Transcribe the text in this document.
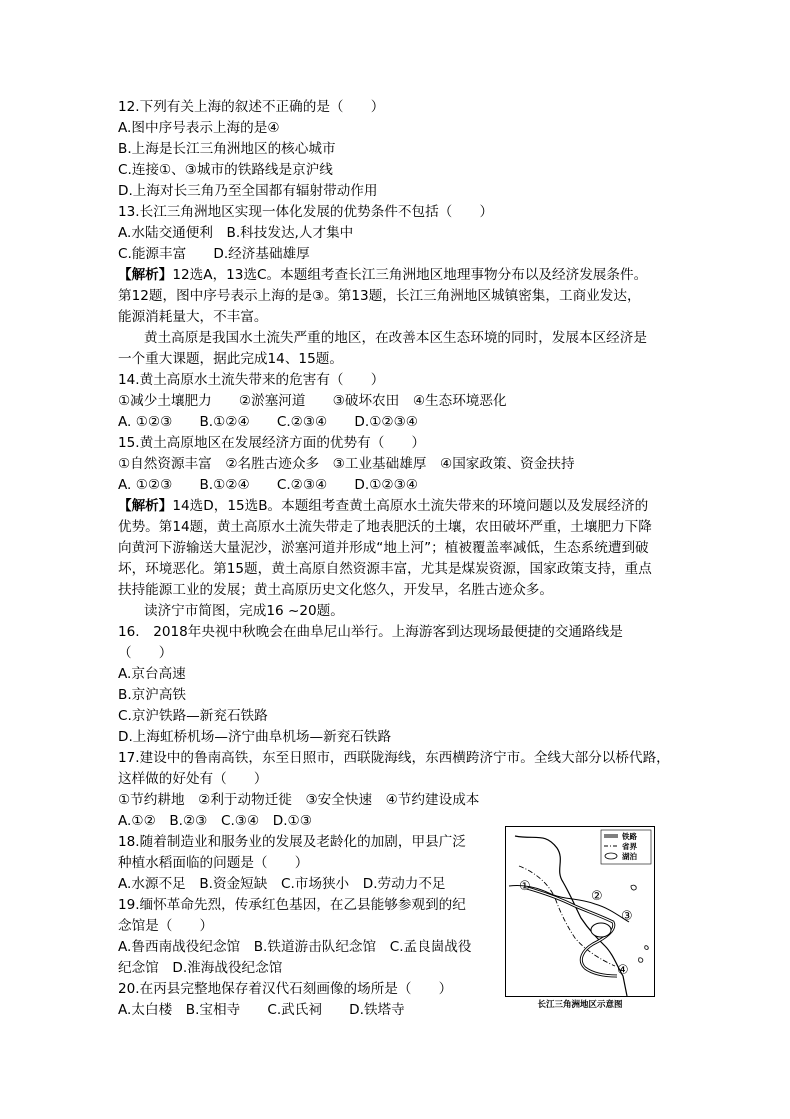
12.下列有关上海的叙述不正确的是（　　）
A.图中序号表示上海的是④
B.上海是长江三角洲地区的核心城市
C.连接①、③城市的铁路线是京沪线
D.上海对长三角乃至全国都有辐射带动作用
13.长江三角洲地区实现一体化发展的优势条件不包括（　　）
A.水陆交通便利　B.科技发达,人才集中
C.能源丰富　　D.经济基础雄厚
【解析】12选A，13选C。本题组考查长江三角洲地区地理事物分布以及经济发展条件。
第12题，图中序号表示上海的是③。第13题，长江三角洲地区城镇密集，工商业发达，
能源消耗量大，不丰富。
黄土高原是我国水土流失严重的地区，在改善本区生态环境的同时，发展本区经济是
一个重大课题，据此完成14、15题。
14.黄土高原水土流失带来的危害有（　　）
①减少土壤肥力　　②淤塞河道　　③破坏农田　④生态环境恶化
A. ①②③　　B.①②④　　C.②③④　　D.①②③④
15.黄土高原地区在发展经济方面的优势有（　　）
①自然资源丰富　②名胜古迹众多　③工业基础雄厚　④国家政策、资金扶持
A. ①②③　　B.①②④　　C.②③④　　D.①②③④
【解析】14选D，15选B。本题组考查黄土高原水土流失带来的环境问题以及发展经济的
优势。第14题，黄土高原水土流失带走了地表肥沃的土壤，农田破坏严重，土壤肥力下降
向黄河下游输送大量泥沙，淤塞河道并形成“地上河”；植被覆盖率减低，生态系统遭到破
坏，环境恶化。第15题，黄土高原自然资源丰富，尤其是煤炭资源，国家政策支持，重点
扶持能源工业的发展；黄土高原历史文化悠久，开发早，名胜古迹众多。
读济宁市简图，完成16 ~20题。
16.　2018年央视中秋晚会在曲阜尼山举行。上海游客到达现场最便捷的交通路线是
（　　）
A.京台高速
B.京沪高铁
C.京沪铁路—新兖石铁路
D.上海虹桥机场—济宁曲阜机场—新兖石铁路
17.建设中的鲁南高铁，东至日照市，西联陇海线，东西横跨济宁市。全线大部分以桥代路，
这样做的好处有（　　）
①节约耕地　②利于动物迁徙　③安全快速　④节约建设成本
A.①②　B.②③　C.③④　D.①③
18.随着制造业和服务业的发展及老龄化的加剧，甲县广泛
种植水稻面临的问题是（　　）
A.水源不足　B.资金短缺　C.市场狭小　D.劳动力不足
19.缅怀革命先烈，传承红色基因，在乙县能够参观到的纪
念馆是（　　）
A.鲁西南战役纪念馆　B.铁道游击队纪念馆　C.孟良崮战役
纪念馆　D.淮海战役纪念馆
20.在丙县完整地保存着汉代石刻画像的场所是（　　）
A.太白楼　B.宝相寺　　C.武氏祠　　D.铁塔寺
铁路
省界
湖泊
①
②
③
④
长江三角洲地区示意图
